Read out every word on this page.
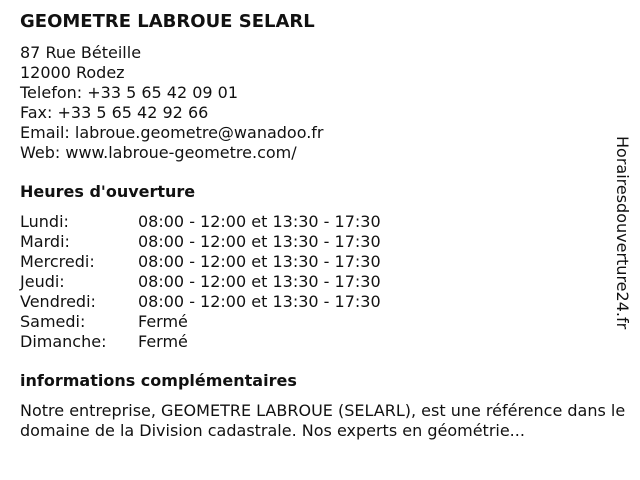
GEOMETRE LABROUE SELARL
87 Rue Béteille
12000 Rodez
Telefon: +33 5 65 42 09 01
Fax: +33 5 65 42 92 66
Email: labroue.geometre@wanadoo.fr
Web: www.labroue-geometre.com/
Heures d'ouverture
Lundi:	08:00 - 12:00 et 13:30 - 17:30
Mardi:	08:00 - 12:00 et 13:30 - 17:30
Mercredi:	08:00 - 12:00 et 13:30 - 17:30
Jeudi:	08:00 - 12:00 et 13:30 - 17:30
Vendredi:	08:00 - 12:00 et 13:30 - 17:30
Samedi:	Fermé
Dimanche:	Fermé
informations complémentaires

Notre entreprise, GEOMETRE LABROUE (SELARL), est une référence dans le domaine de la Division cadastrale. Nos experts en géométrie...

Horairesdouverture24.fr
